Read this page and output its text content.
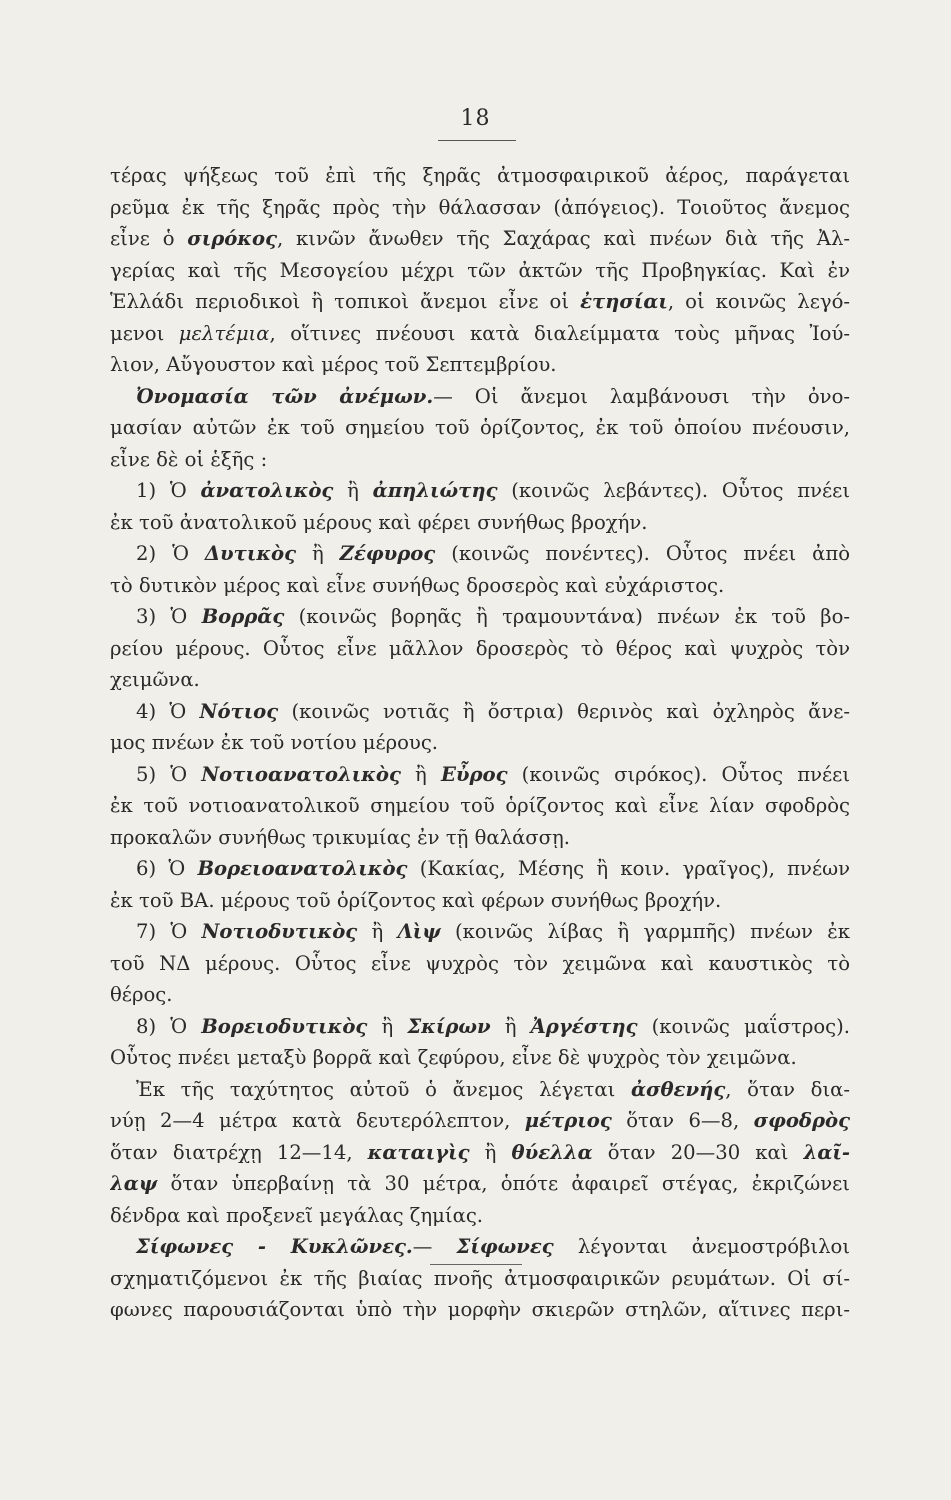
18
τέρας ψήξεως τοῦ ἐπὶ τῆς ξηρᾶς ἀτμοσφαιρικοῦ ἀέρος, παράγεται
ρεῦμα ἐκ τῆς ξηρᾶς πρὸς τὴν θάλασσαν (ἀπόγειος). Τοιοῦτος ἄνεμος
εἶνε ὁ σιρόκος, κινῶν ἄνωθεν τῆς Σαχάρας καὶ πνέων διὰ τῆς Ἀλ-
γερίας καὶ τῆς Μεσογείου μέχρι τῶν ἀκτῶν τῆς Προβηγκίας. Καὶ ἐν
Ἑλλάδι περιοδικοὶ ἢ τοπικοὶ ἄνεμοι εἶνε οἱ ἐτησίαι, οἱ κοινῶς λεγό-
μενοι μελτέμια, οἵτινες πνέουσι κατὰ διαλείμματα τοὺς μῆνας Ἰού-
λιον, Αὔγουστον καὶ μέρος τοῦ Σεπτεμβρίου.
Ὀνομασία τῶν ἀνέμων.— Οἱ ἄνεμοι λαμβάνουσι τὴν ὀνο-
μασίαν αὐτῶν ἐκ τοῦ σημείου τοῦ ὁρίζοντος, ἐκ τοῦ ὁποίου πνέουσιν,
εἶνε δὲ οἱ ἑξῆς :
1) Ὁ ἀνατολικὸς ἢ ἀπηλιώτης (κοινῶς λεβάντες). Οὗτος πνέει
ἐκ τοῦ ἀνατολικοῦ μέρους καὶ φέρει συνήθως βροχήν.
2) Ὁ Δυτικὸς ἢ Ζέφυρος (κοινῶς πονέντες). Οὗτος πνέει ἀπὸ
τὸ δυτικὸν μέρος καὶ εἶνε συνήθως δροσερὸς καὶ εὐχάριστος.
3) Ὁ Βορρᾶς (κοινῶς βορηᾶς ἢ τραμουντάνα) πνέων ἐκ τοῦ βο-
ρείου μέρους. Οὗτος εἶνε μᾶλλον δροσερὸς τὸ θέρος καὶ ψυχρὸς τὸν
χειμῶνα.
4) Ὁ Νότιος (κοινῶς νοτιᾶς ἢ ὄστρια) θερινὸς καὶ ὀχληρὸς ἄνε-
μος πνέων ἐκ τοῦ νοτίου μέρους.
5) Ὁ Νοτιοανατολικὸς ἢ Εὖρος (κοινῶς σιρόκος). Οὗτος πνέει
ἐκ τοῦ νοτιοανατολικοῦ σημείου τοῦ ὁρίζοντος καὶ εἶνε λίαν σφοδρὸς
προκαλῶν συνήθως τρικυμίας ἐν τῇ θαλάσσῃ.
6) Ὁ Βορειοανατολικὸς (Κακίας, Μέσης ἢ κοιν. γραῖγος), πνέων
ἐκ τοῦ ΒΑ. μέρους τοῦ ὁρίζοντος καὶ φέρων συνήθως βροχήν.
7) Ὁ Νοτιοδυτικὸς ἢ Λὶψ (κοινῶς λίβας ἢ γαρμπῆς) πνέων ἐκ
τοῦ ΝΔ μέρους. Οὗτος εἶνε ψυχρὸς τὸν χειμῶνα καὶ καυστικὸς τὸ
θέρος.
8) Ὁ Βορειοδυτικὸς ἢ Σκίρων ἢ Ἀργέστης (κοινῶς μαΐστρος).
Οὗτος πνέει μεταξὺ βορρᾶ καὶ ζεφύρου, εἶνε δὲ ψυχρὸς τὸν χειμῶνα.
Ἐκ τῆς ταχύτητος αὐτοῦ ὁ ἄνεμος λέγεται ἀσθενής, ὅταν δια-
νύῃ 2—4 μέτρα κατὰ δευτερόλεπτον, μέτριος ὅταν 6—8, σφοδρὸς
ὅταν διατρέχῃ 12—14, καταιγὶς ἢ θύελλα ὅταν 20—30 καὶ λαῖ-
λαψ ὅταν ὑπερβαίνῃ τὰ 30 μέτρα, ὁπότε ἀφαιρεῖ στέγας, ἐκριζώνει
δένδρα καὶ προξενεῖ μεγάλας ζημίας.
Σίφωνες - Κυκλῶνες.— Σίφωνες λέγονται ἀνεμοστρόβιλοι
σχηματιζόμενοι ἐκ τῆς βιαίας πνοῆς ἀτμοσφαιρικῶν ρευμάτων. Οἱ σί-
φωνες παρουσιάζονται ὑπὸ τὴν μορφὴν σκιερῶν στηλῶν, αἵτινες περι-
